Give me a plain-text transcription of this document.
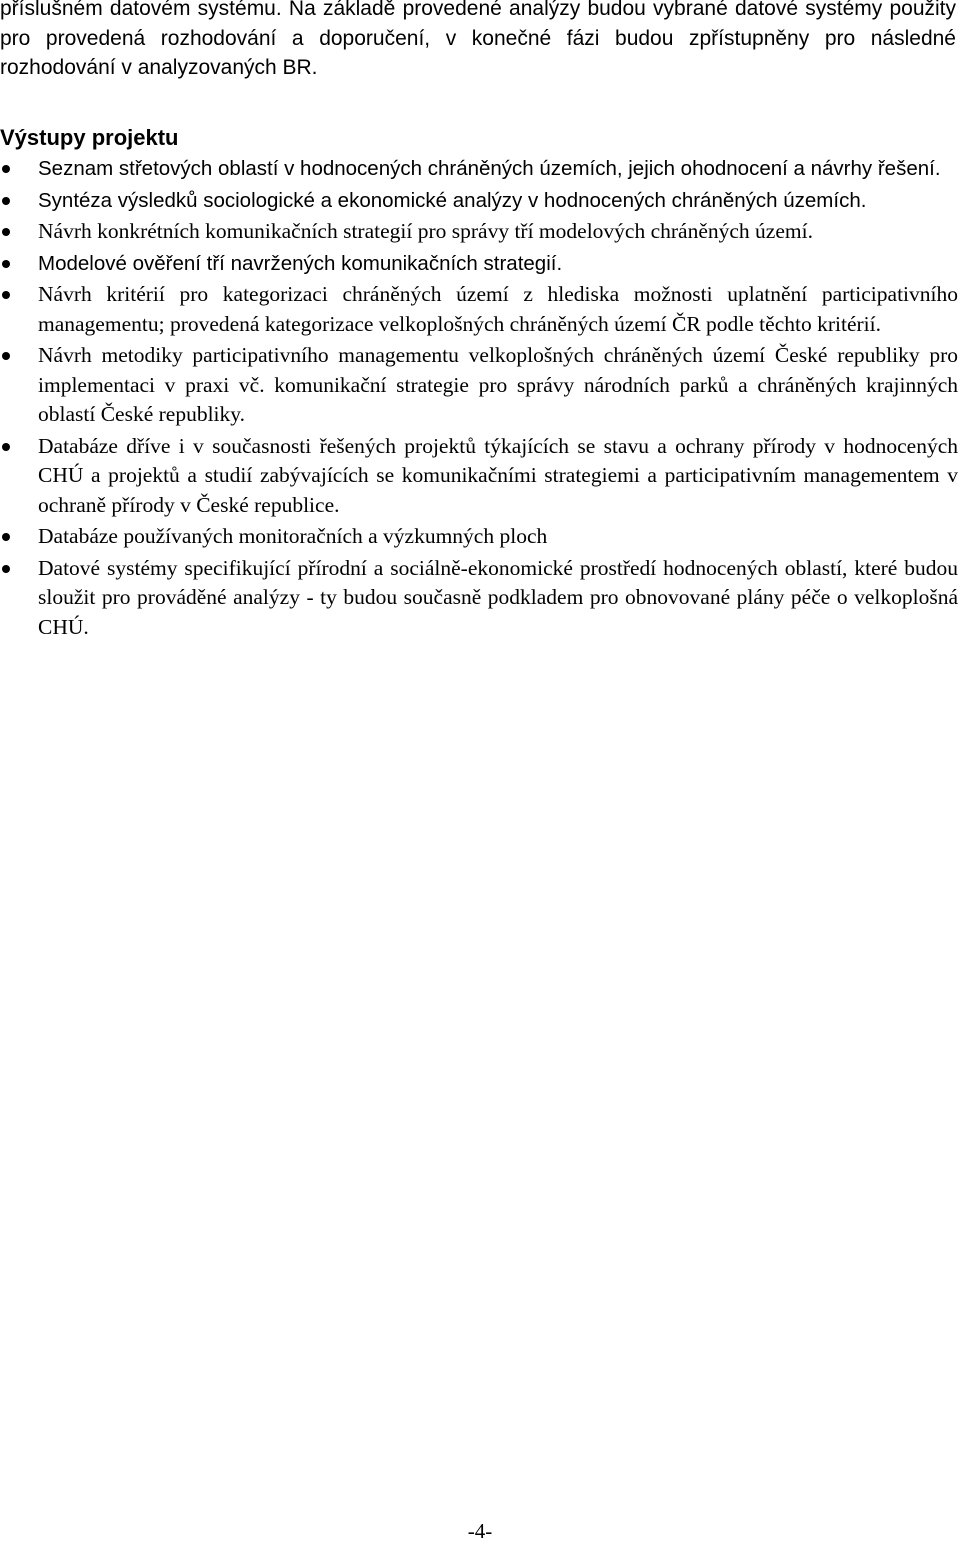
příslušném datovém systému. Na základě provedené analýzy budou vybrané datové systémy použity pro provedená rozhodování a doporučení, v konečné fázi budou zpřístupněny pro následné rozhodování v analyzovaných BR.

Výstupy projektu
Seznam střetových oblastí v hodnocených chráněných územích, jejich ohodnocení a návrhy řešení.
Syntéza výsledků sociologické a ekonomické analýzy v hodnocených chráněných územích.
Návrh konkrétních komunikačních strategií pro správy tří modelových chráněných území.
Modelové ověření tří navržených komunikačních strategií.
Návrh kritérií pro kategorizaci chráněných území z hlediska možnosti uplatnění participativního managementu; provedená kategorizace velkoplošných chráněných území ČR podle těchto kritérií.
Návrh metodiky participativního managementu velkoplošných chráněných území České republiky pro implementaci v praxi vč. komunikační strategie pro správy národních parků a chráněných krajinných oblastí České republiky.
Databáze dříve i v současnosti řešených projektů týkajících se stavu a ochrany přírody v hodnocených CHÚ a projektů a studií zabývajících se komunikačními strategiemi a participativním managementem v ochraně přírody v České republice.
Databáze používaných monitoračních a výzkumných ploch
Datové systémy specifikující přírodní a sociálně-ekonomické prostředí hodnocených oblastí, které budou sloužit pro prováděné analýzy - ty budou současně podkladem pro obnovované plány péče o velkoplošná CHÚ.

-4-
